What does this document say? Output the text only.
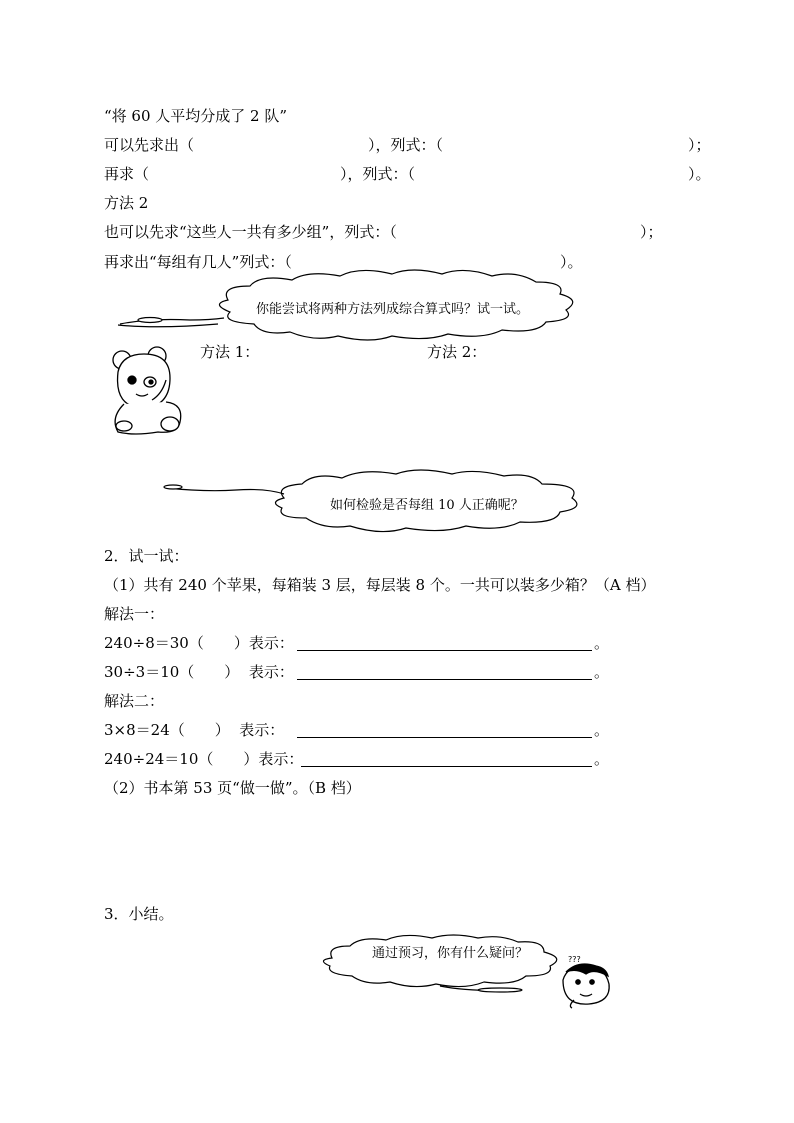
“将 60 人平均分成了 2 队”
可以先求出（	），列式：（	）；
再求（	），列式：（	）。
方法 2
也可以先求“这些人一共有多少组”，列式：（	）；
再求出“每组有几人”列式：（	）。
???
你能尝试将两种方法列成综合算式吗？试一试。
方法 1：	方法 2：
如何检验是否每组 10 人正确呢？
2．试一试：
（1）共有 240 个苹果，每箱装 3 层，每层装 8 个。一共可以装多少箱？（A 档）
解法一：
240÷8＝30（　　）表示：	。
30÷3＝10（　　）  表示：	。
解法二：
3×8＝24（　　）  表示：	。
240÷24＝10（　　）表示：	。
（2）书本第 53 页“做一做”。（B 档）
3．小结。
通过预习，你有什么疑问？
